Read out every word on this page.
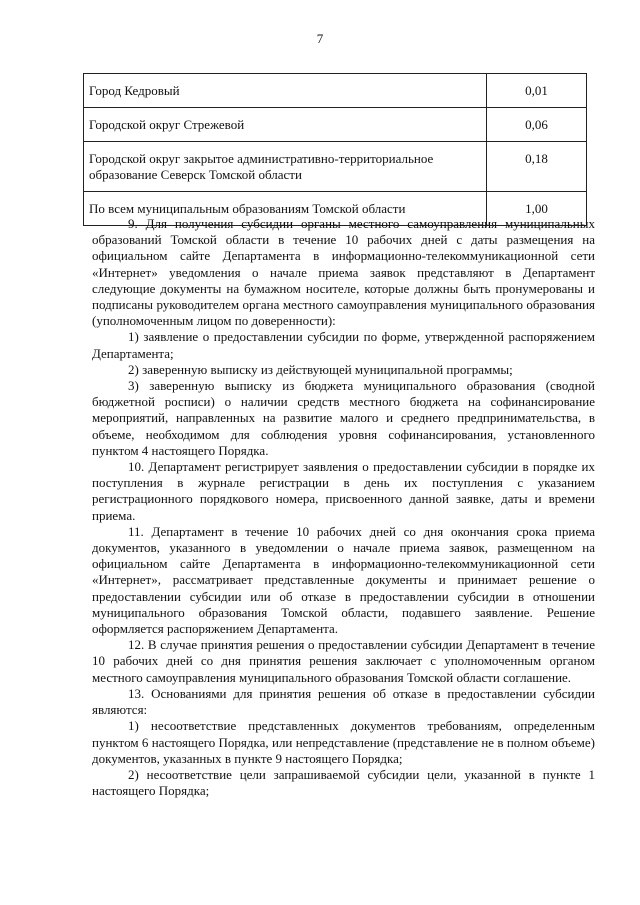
7
Город Кедровый	0,01
Городской округ Стрежевой	0,06
Городской округ закрытое административно-территориальное образование Северск Томской области	0,18
По всем муниципальным образованиям Томской области	1,00

9. Для получения субсидии органы местного самоуправления муниципальных образований Томской области в течение 10 рабочих дней с даты размещения на официальном сайте Департамента в информационно-телекоммуникационной сети «Интернет» уведомления о начале приема заявок представляют в Департамент следующие документы на бумажном носителе, которые должны быть пронумерованы и подписаны руководителем органа местного самоуправления муниципального образования (уполномоченным лицом по доверенности):

1) заявление о предоставлении субсидии по форме, утвержденной распоряжением Департамента;

2) заверенную выписку из действующей муниципальной программы;

3) заверенную выписку из бюджета муниципального образования (сводной бюджетной росписи) о наличии средств местного бюджета на софинансирование мероприятий, направленных на развитие малого и среднего предпринимательства, в объеме, необходимом для соблюдения уровня софинансирования, установленного пунктом 4 настоящего Порядка.

10. Департамент регистрирует заявления о предоставлении субсидии в порядке их поступления в журнале регистрации в день их поступления с указанием регистрационного порядкового номера, присвоенного данной заявке, даты и времени приема.

11. Департамент в течение 10 рабочих дней со дня окончания срока приема документов, указанного в уведомлении о начале приема заявок, размещенном на официальном сайте Департамента в информационно-телекоммуникационной сети «Интернет», рассматривает представленные документы и принимает решение о предоставлении субсидии или об отказе в предоставлении субсидии в отношении муниципального образования Томской области, подавшего заявление. Решение оформляется распоряжением Департамента.

12. В случае принятия решения о предоставлении субсидии Департамент в течение 10 рабочих дней со дня принятия решения заключает с уполномоченным органом местного самоуправления муниципального образования Томской области соглашение.

13. Основаниями для принятия решения об отказе в предоставлении субсидии являются:

1) несоответствие представленных документов требованиям, определенным пунктом 6 настоящего Порядка, или непредставление (представление не в полном объеме) документов, указанных в пункте 9 настоящего Порядка;

2) несоответствие цели запрашиваемой субсидии цели, указанной в пункте 1 настоящего Порядка;
